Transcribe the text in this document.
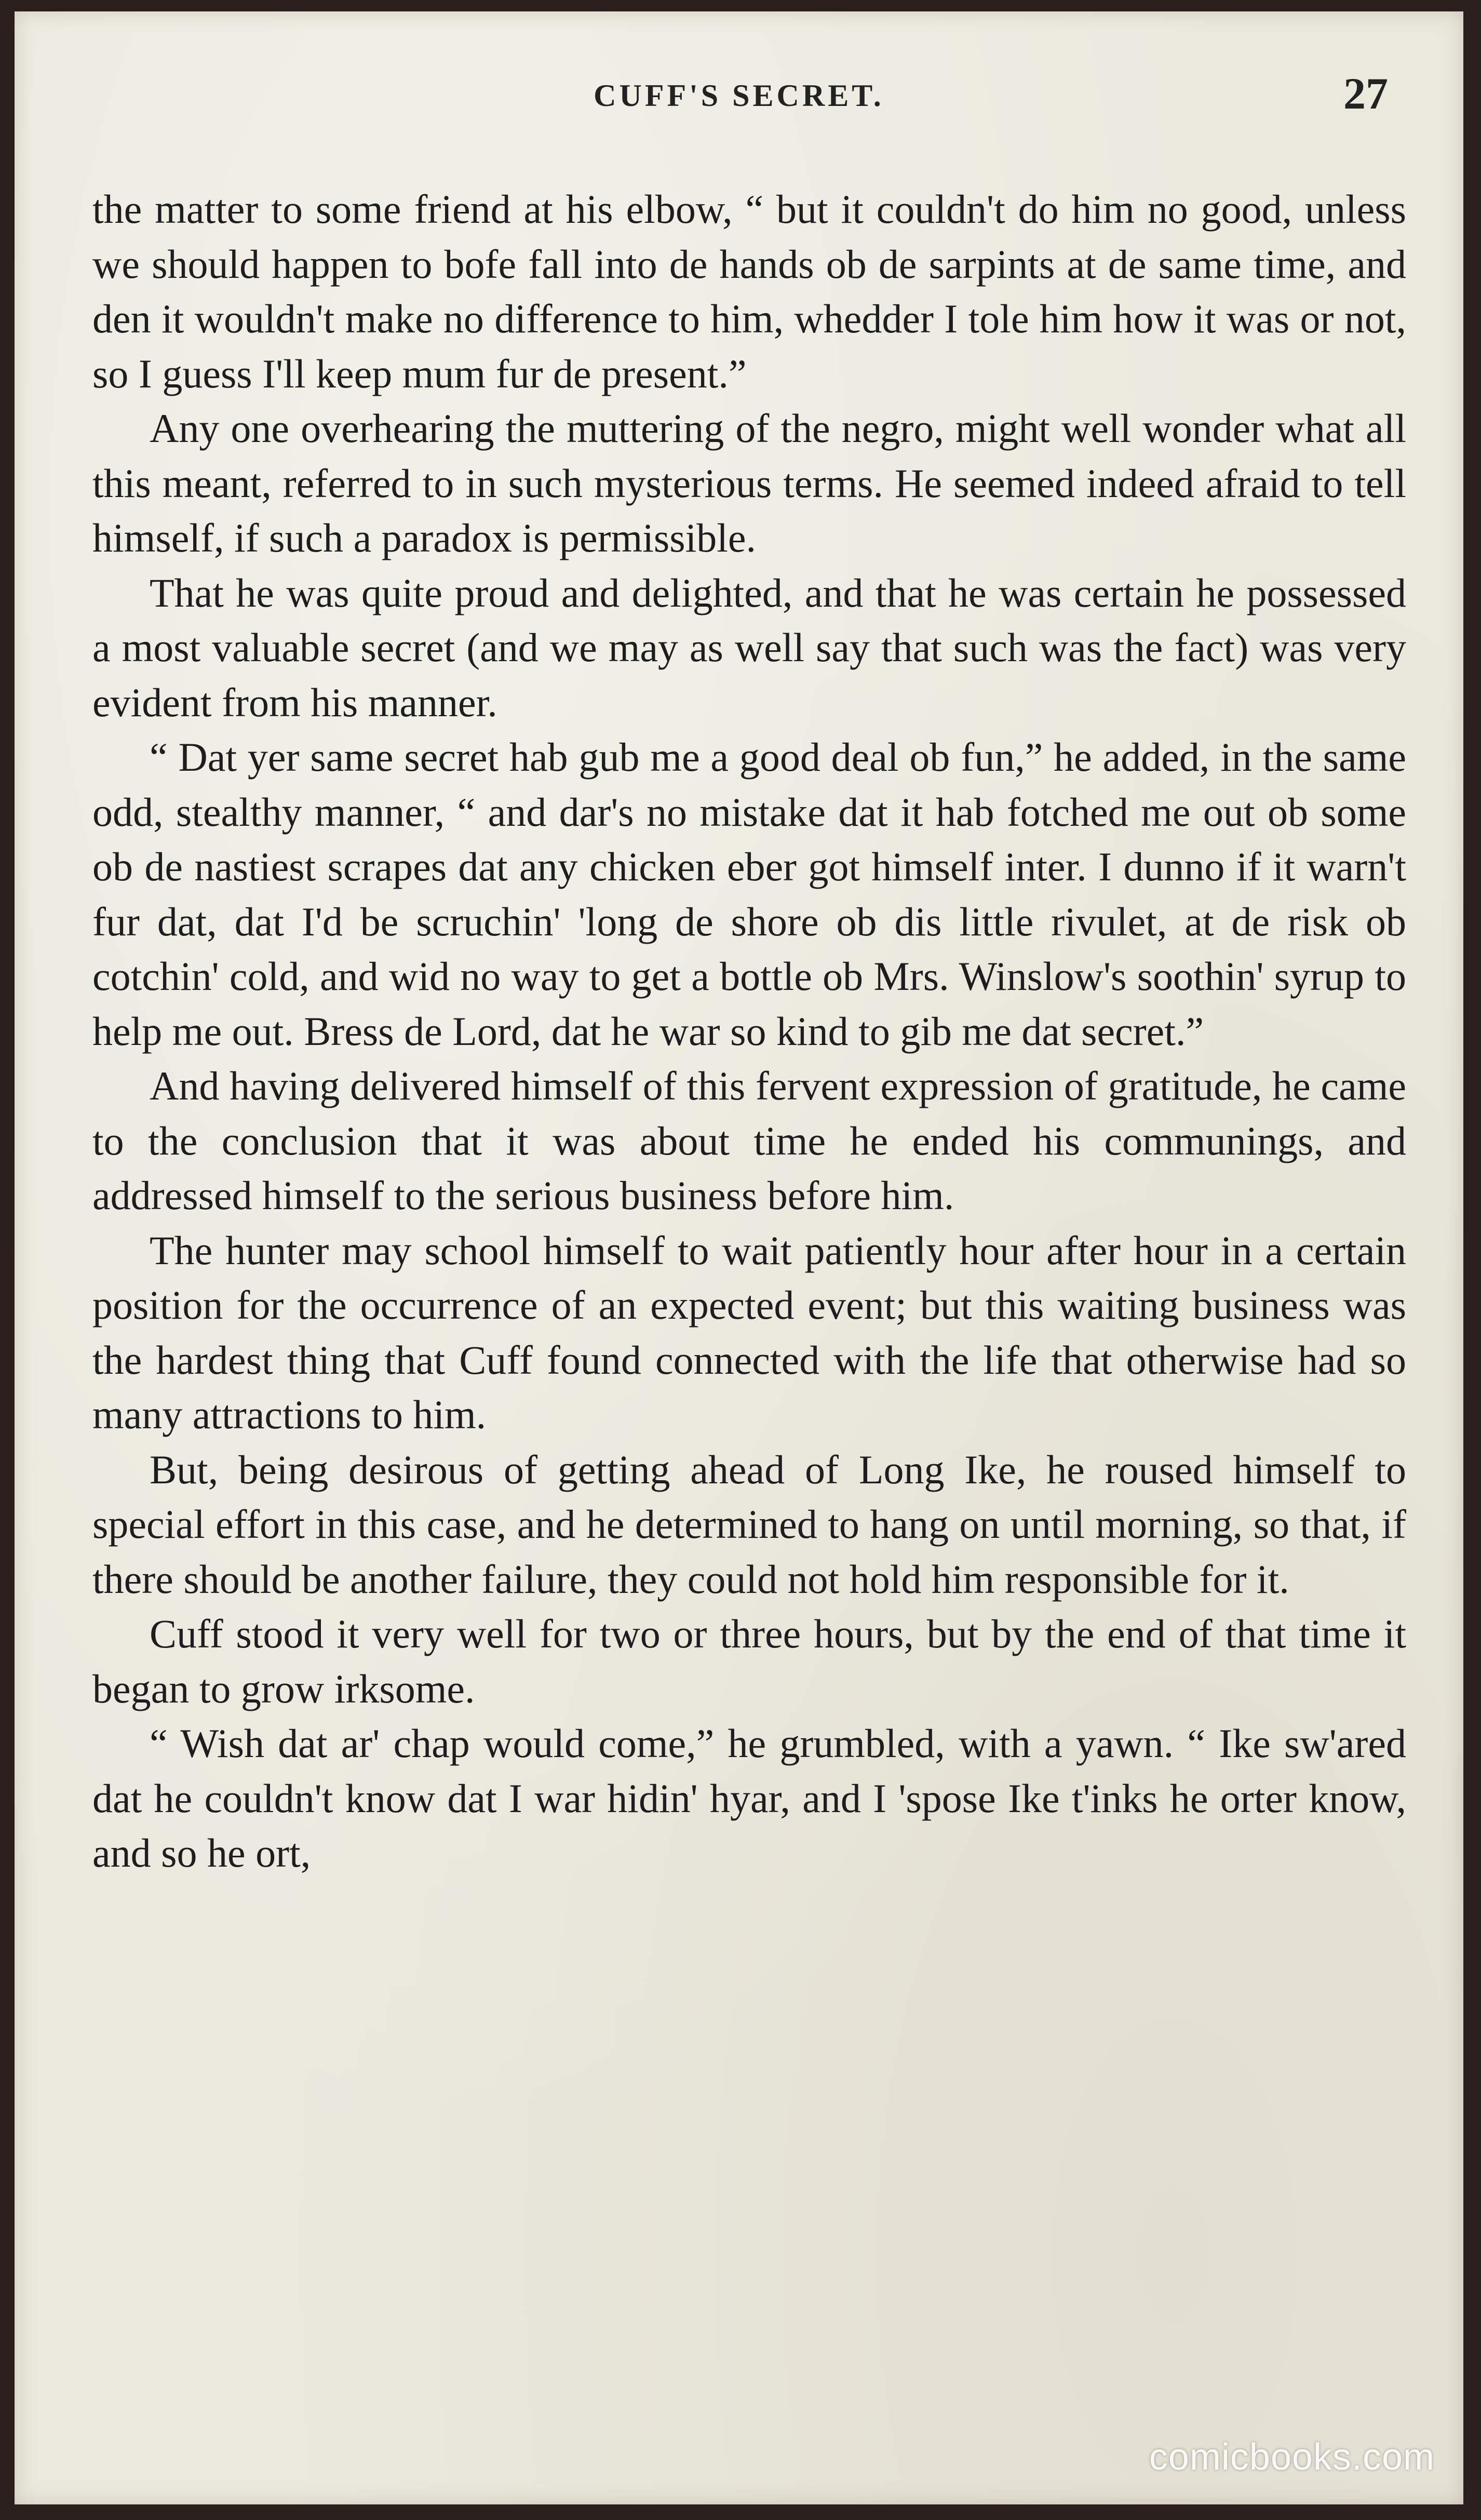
CUFF'S SECRET.	27

the matter to some friend at his elbow, “ but it couldn't do him no good, unless we should happen to bofe fall into de hands ob de sarpints at de same time, and den it wouldn't make no difference to him, whedder I tole him how it was or not, so I guess I'll keep mum fur de present.”

Any one overhearing the muttering of the negro, might well wonder what all this meant, referred to in such mysterious terms. He seemed indeed afraid to tell himself, if such a paradox is permissible.

That he was quite proud and delighted, and that he was certain he possessed a most valuable secret (and we may as well say that such was the fact) was very evident from his manner.

“ Dat yer same secret hab gub me a good deal ob fun,” he added, in the same odd, stealthy manner, “ and dar's no mistake dat it hab fotched me out ob some ob de nastiest scrapes dat any chicken eber got himself inter. I dunno if it warn't fur dat, dat I'd be scruchin' 'long de shore ob dis little rivulet, at de risk ob cotchin' cold, and wid no way to get a bottle ob Mrs. Winslow's soothin' syrup to help me out. Bress de Lord, dat he war so kind to gib me dat secret.”

And having delivered himself of this fervent expression of gratitude, he came to the conclusion that it was about time he ended his communings, and addressed himself to the serious business before him.

The hunter may school himself to wait patiently hour after hour in a certain position for the occurrence of an expected event; but this waiting business was the hardest thing that Cuff found connected with the life that otherwise had so many attractions to him.

But, being desirous of getting ahead of Long Ike, he roused himself to special effort in this case, and he determined to hang on until morning, so that, if there should be another failure, they could not hold him responsible for it.

Cuff stood it very well for two or three hours, but by the end of that time it began to grow irksome.

“ Wish dat ar' chap would come,” he grumbled, with a yawn. “ Ike sw'ared dat he couldn't know dat I war hidin' hyar, and I 'spose Ike t'inks he orter know, and so he ort,

comicbooks.com
